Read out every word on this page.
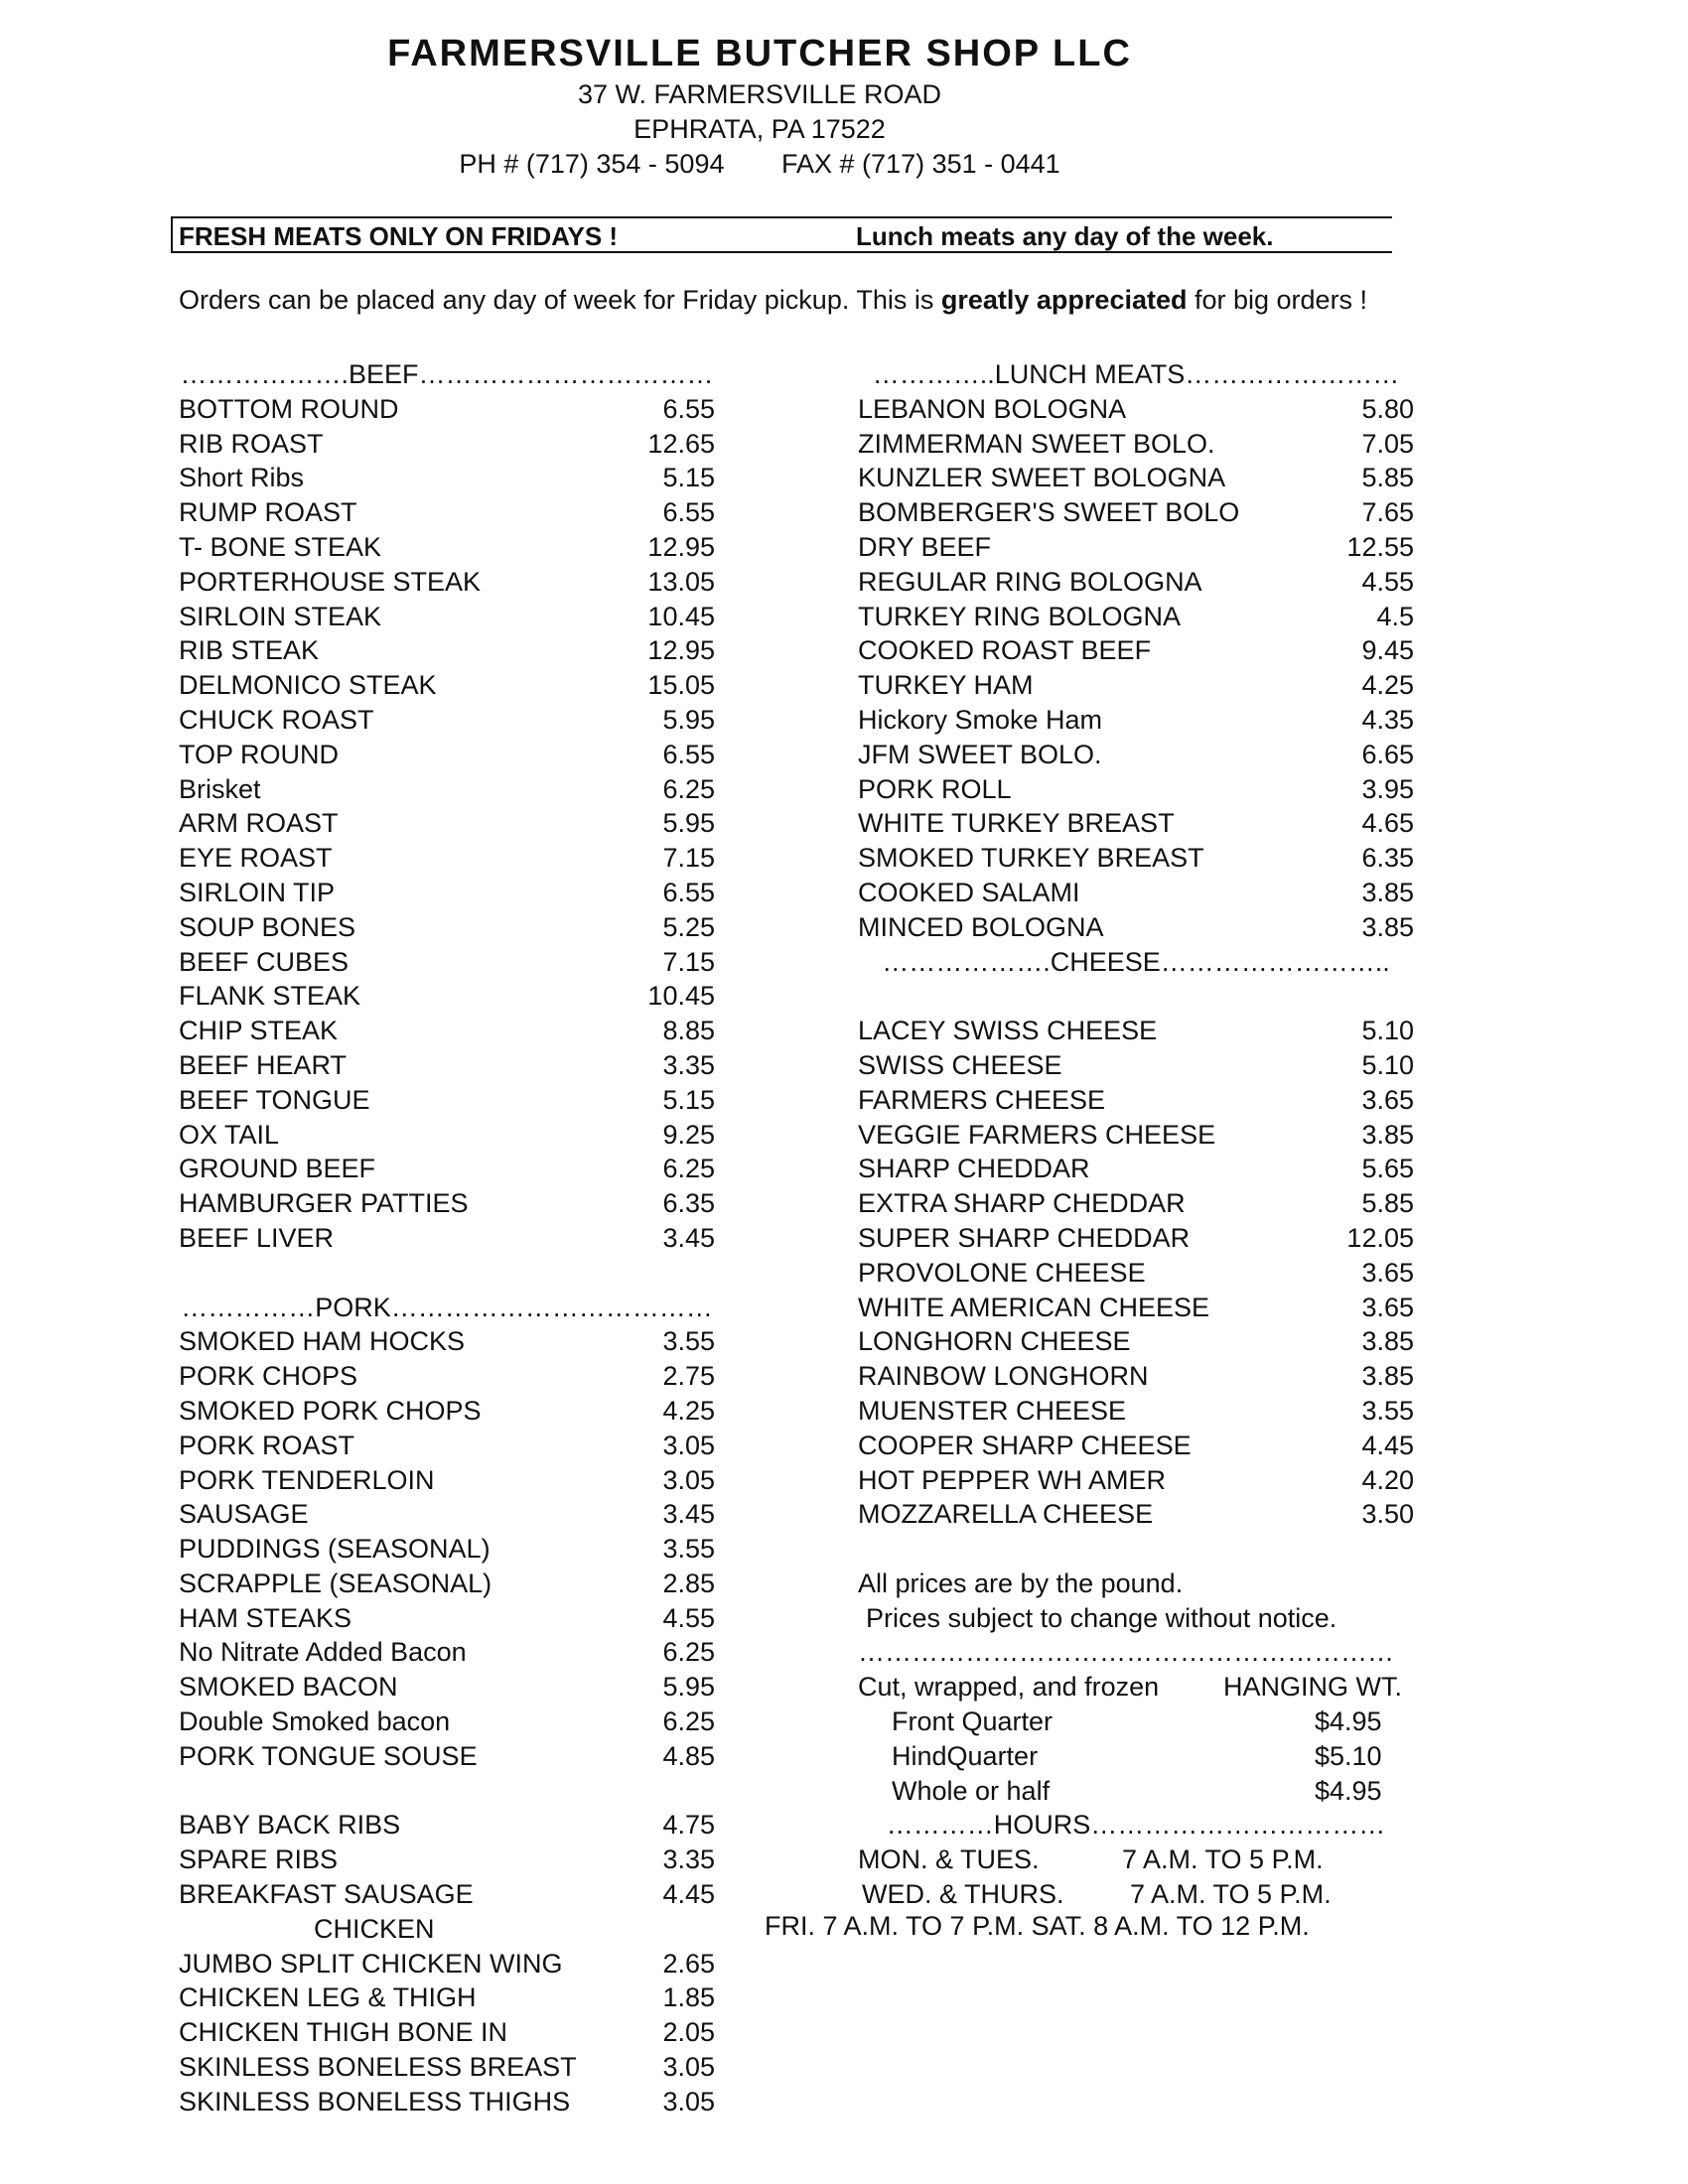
FARMERSVILLE BUTCHER SHOP LLC

37 W. FARMERSVILLE ROAD

EPHRATA, PA 17522

PH # (717) 354 - 5094 FAX # (717) 351 - 0441

FRESH MEATS ONLY ON FRIDAYS !	Lunch meats any day of the week.
Orders can be placed any day of week for Friday pickup. This is greatly appreciated for big orders !
……………….BEEF……………………………
BOTTOM ROUND	6.55
RIB ROAST	12.65
Short Ribs	5.15
RUMP ROAST	6.55
T- BONE STEAK	12.95
PORTERHOUSE STEAK	13.05
SIRLOIN STEAK	10.45
RIB STEAK	12.95
DELMONICO STEAK	15.05
CHUCK ROAST	5.95
TOP ROUND	6.55
Brisket	6.25
ARM ROAST	5.95
EYE ROAST	7.15
SIRLOIN TIP	6.55
SOUP BONES	5.25
BEEF CUBES	7.15
FLANK STEAK	10.45
CHIP STEAK	8.85
BEEF HEART	3.35
BEEF TONGUE	5.15
OX TAIL	9.25
GROUND BEEF	6.25
HAMBURGER PATTIES	6.35
BEEF LIVER	3.45
……………PORK………………………………
SMOKED HAM HOCKS	3.55
PORK CHOPS	2.75
SMOKED PORK CHOPS	4.25
PORK ROAST	3.05
PORK TENDERLOIN	3.05
SAUSAGE	3.45
PUDDINGS (SEASONAL)	3.55
SCRAPPLE (SEASONAL)	2.85
HAM STEAKS	4.55
No Nitrate Added Bacon	6.25
SMOKED BACON	5.95
Double Smoked bacon	6.25
PORK TONGUE SOUSE	4.85
BABY BACK RIBS	4.75
SPARE RIBS	3.35
BREAKFAST SAUSAGE	4.45
CHICKEN
JUMBO SPLIT CHICKEN WING	2.65
CHICKEN LEG & THIGH	1.85
CHICKEN THIGH BONE IN	2.05
SKINLESS BONELESS BREAST	3.05
SKINLESS BONELESS THIGHS	3.05
…………..LUNCH MEATS……………………
LEBANON BOLOGNA	5.80
ZIMMERMAN SWEET BOLO.	7.05
KUNZLER SWEET BOLOGNA	5.85
BOMBERGER'S SWEET BOLO	7.65
DRY BEEF	12.55
REGULAR RING BOLOGNA	4.55
TURKEY RING BOLOGNA	4.5
COOKED ROAST BEEF	9.45
TURKEY HAM	4.25
Hickory Smoke Ham	4.35
JFM SWEET BOLO.	6.65
PORK ROLL	3.95
WHITE TURKEY BREAST	4.65
SMOKED TURKEY BREAST	6.35
COOKED SALAMI	3.85
MINCED BOLOGNA	3.85
……………….CHEESE……………………..
LACEY SWISS CHEESE	5.10
SWISS CHEESE	5.10
FARMERS CHEESE	3.65
VEGGIE FARMERS CHEESE	3.85
SHARP CHEDDAR	5.65
EXTRA SHARP CHEDDAR	5.85
SUPER SHARP CHEDDAR	12.05
PROVOLONE CHEESE	3.65
WHITE AMERICAN CHEESE	3.65
LONGHORN CHEESE	3.85
RAINBOW LONGHORN	3.85
MUENSTER CHEESE	3.55
COOPER SHARP CHEESE	4.45
HOT PEPPER WH AMER	4.20
MOZZARELLA CHEESE	3.50
All prices are by the pound.
Prices subject to change without notice.
……………………………………………………
Cut, wrapped, and frozen HANGING WT.
Front Quarter	$4.95
HindQuarter	$5.10
Whole or half	$4.95
…………HOURS……………………………
MON. & TUES.	7 A.M. TO 5 P.M.
WED. & THURS. 7 A.M. TO 5 P.M.
FRI. 7 A.M. TO 7 P.M. SAT. 8 A.M. TO 12 P.M.
